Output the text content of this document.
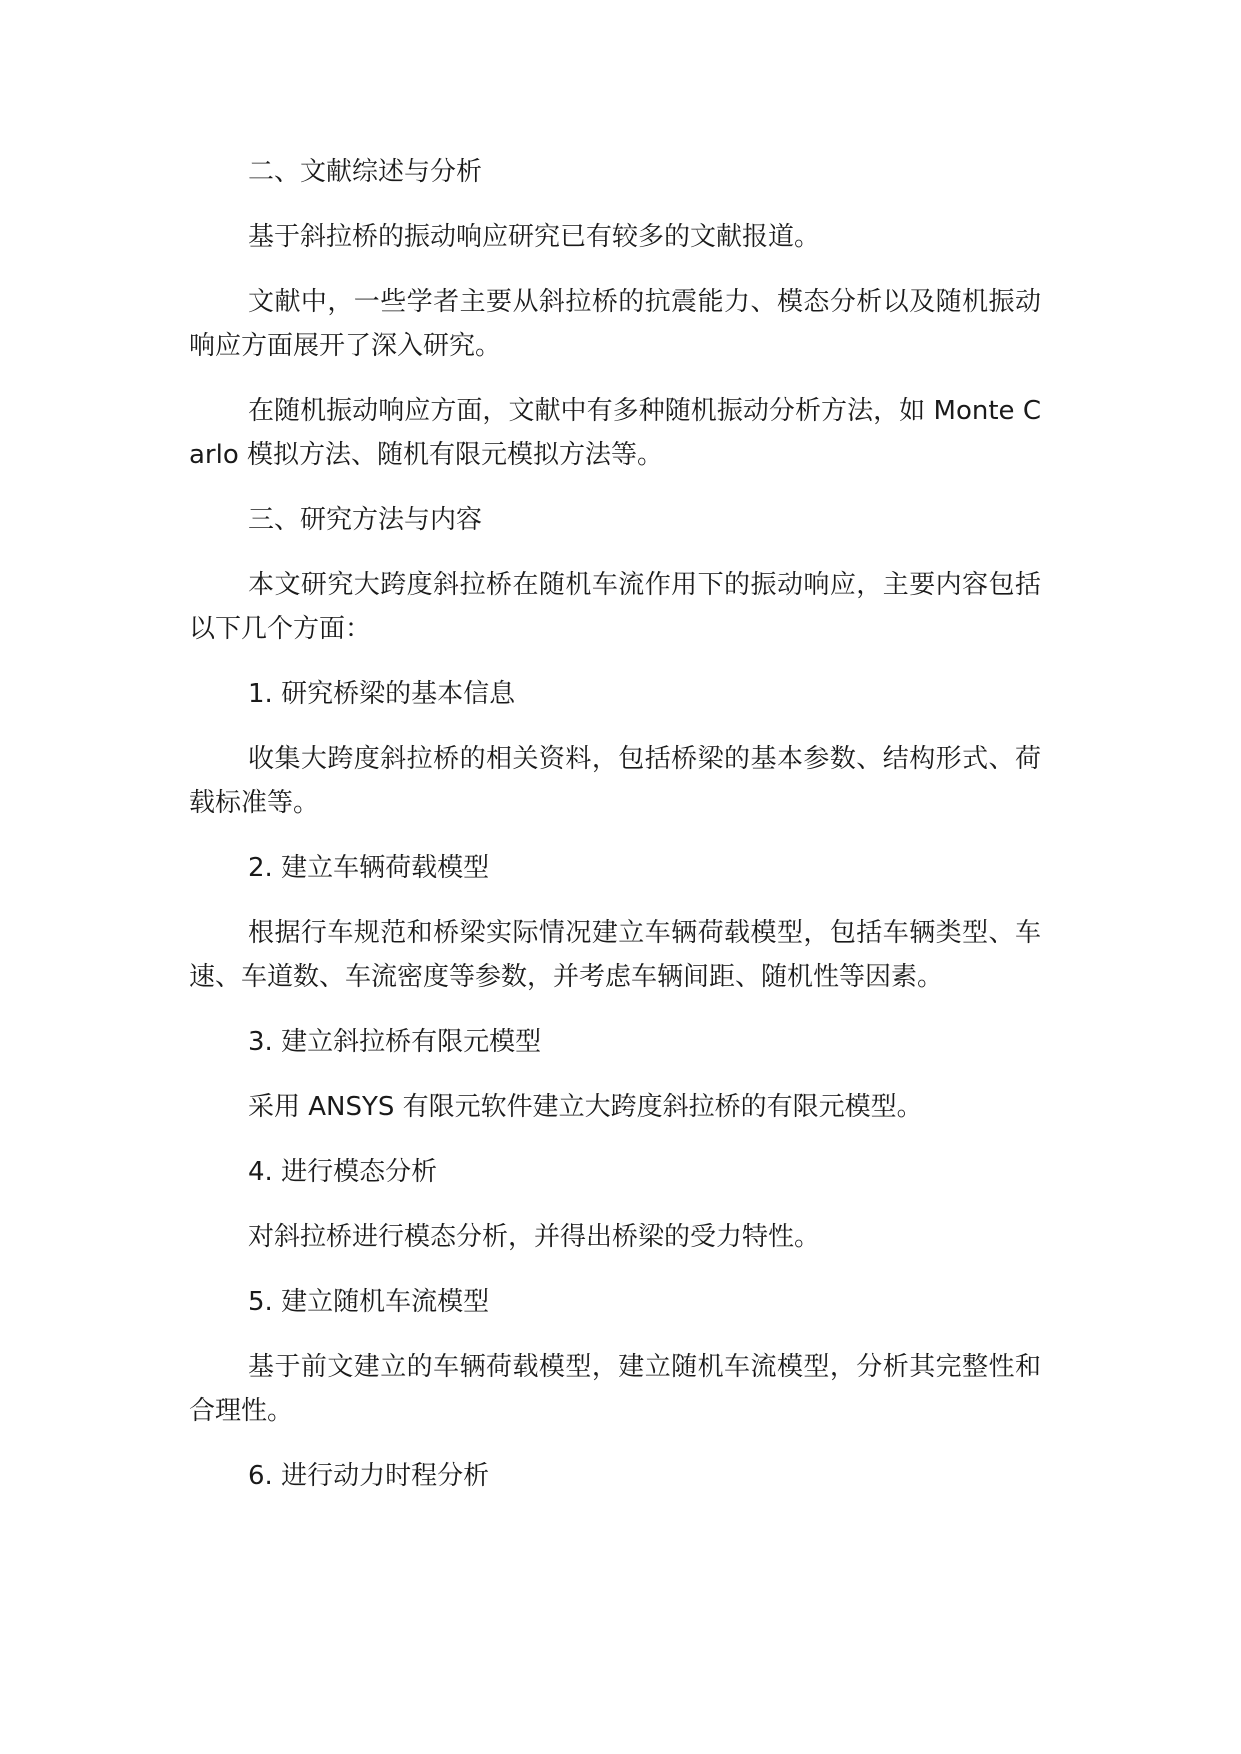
二、文献综述与分析

基于斜拉桥的振动响应研究已有较多的文献报道。

文献中，一些学者主要从斜拉桥的抗震能力、模态分析以及随机振动响应方面展开了深入研究。

在随机振动响应方面，文献中有多种随机振动分析方法，如 Monte Carlo 模拟方法、随机有限元模拟方法等。

三、研究方法与内容

本文研究大跨度斜拉桥在随机车流作用下的振动响应，主要内容包括以下几个方面：

1. 研究桥梁的基本信息

收集大跨度斜拉桥的相关资料，包括桥梁的基本参数、结构形式、荷载标准等。

2. 建立车辆荷载模型

根据行车规范和桥梁实际情况建立车辆荷载模型，包括车辆类型、车速、车道数、车流密度等参数，并考虑车辆间距、随机性等因素。

3. 建立斜拉桥有限元模型

采用 ANSYS 有限元软件建立大跨度斜拉桥的有限元模型。

4. 进行模态分析

对斜拉桥进行模态分析，并得出桥梁的受力特性。

5. 建立随机车流模型

基于前文建立的车辆荷载模型，建立随机车流模型，分析其完整性和合理性。

6. 进行动力时程分析
